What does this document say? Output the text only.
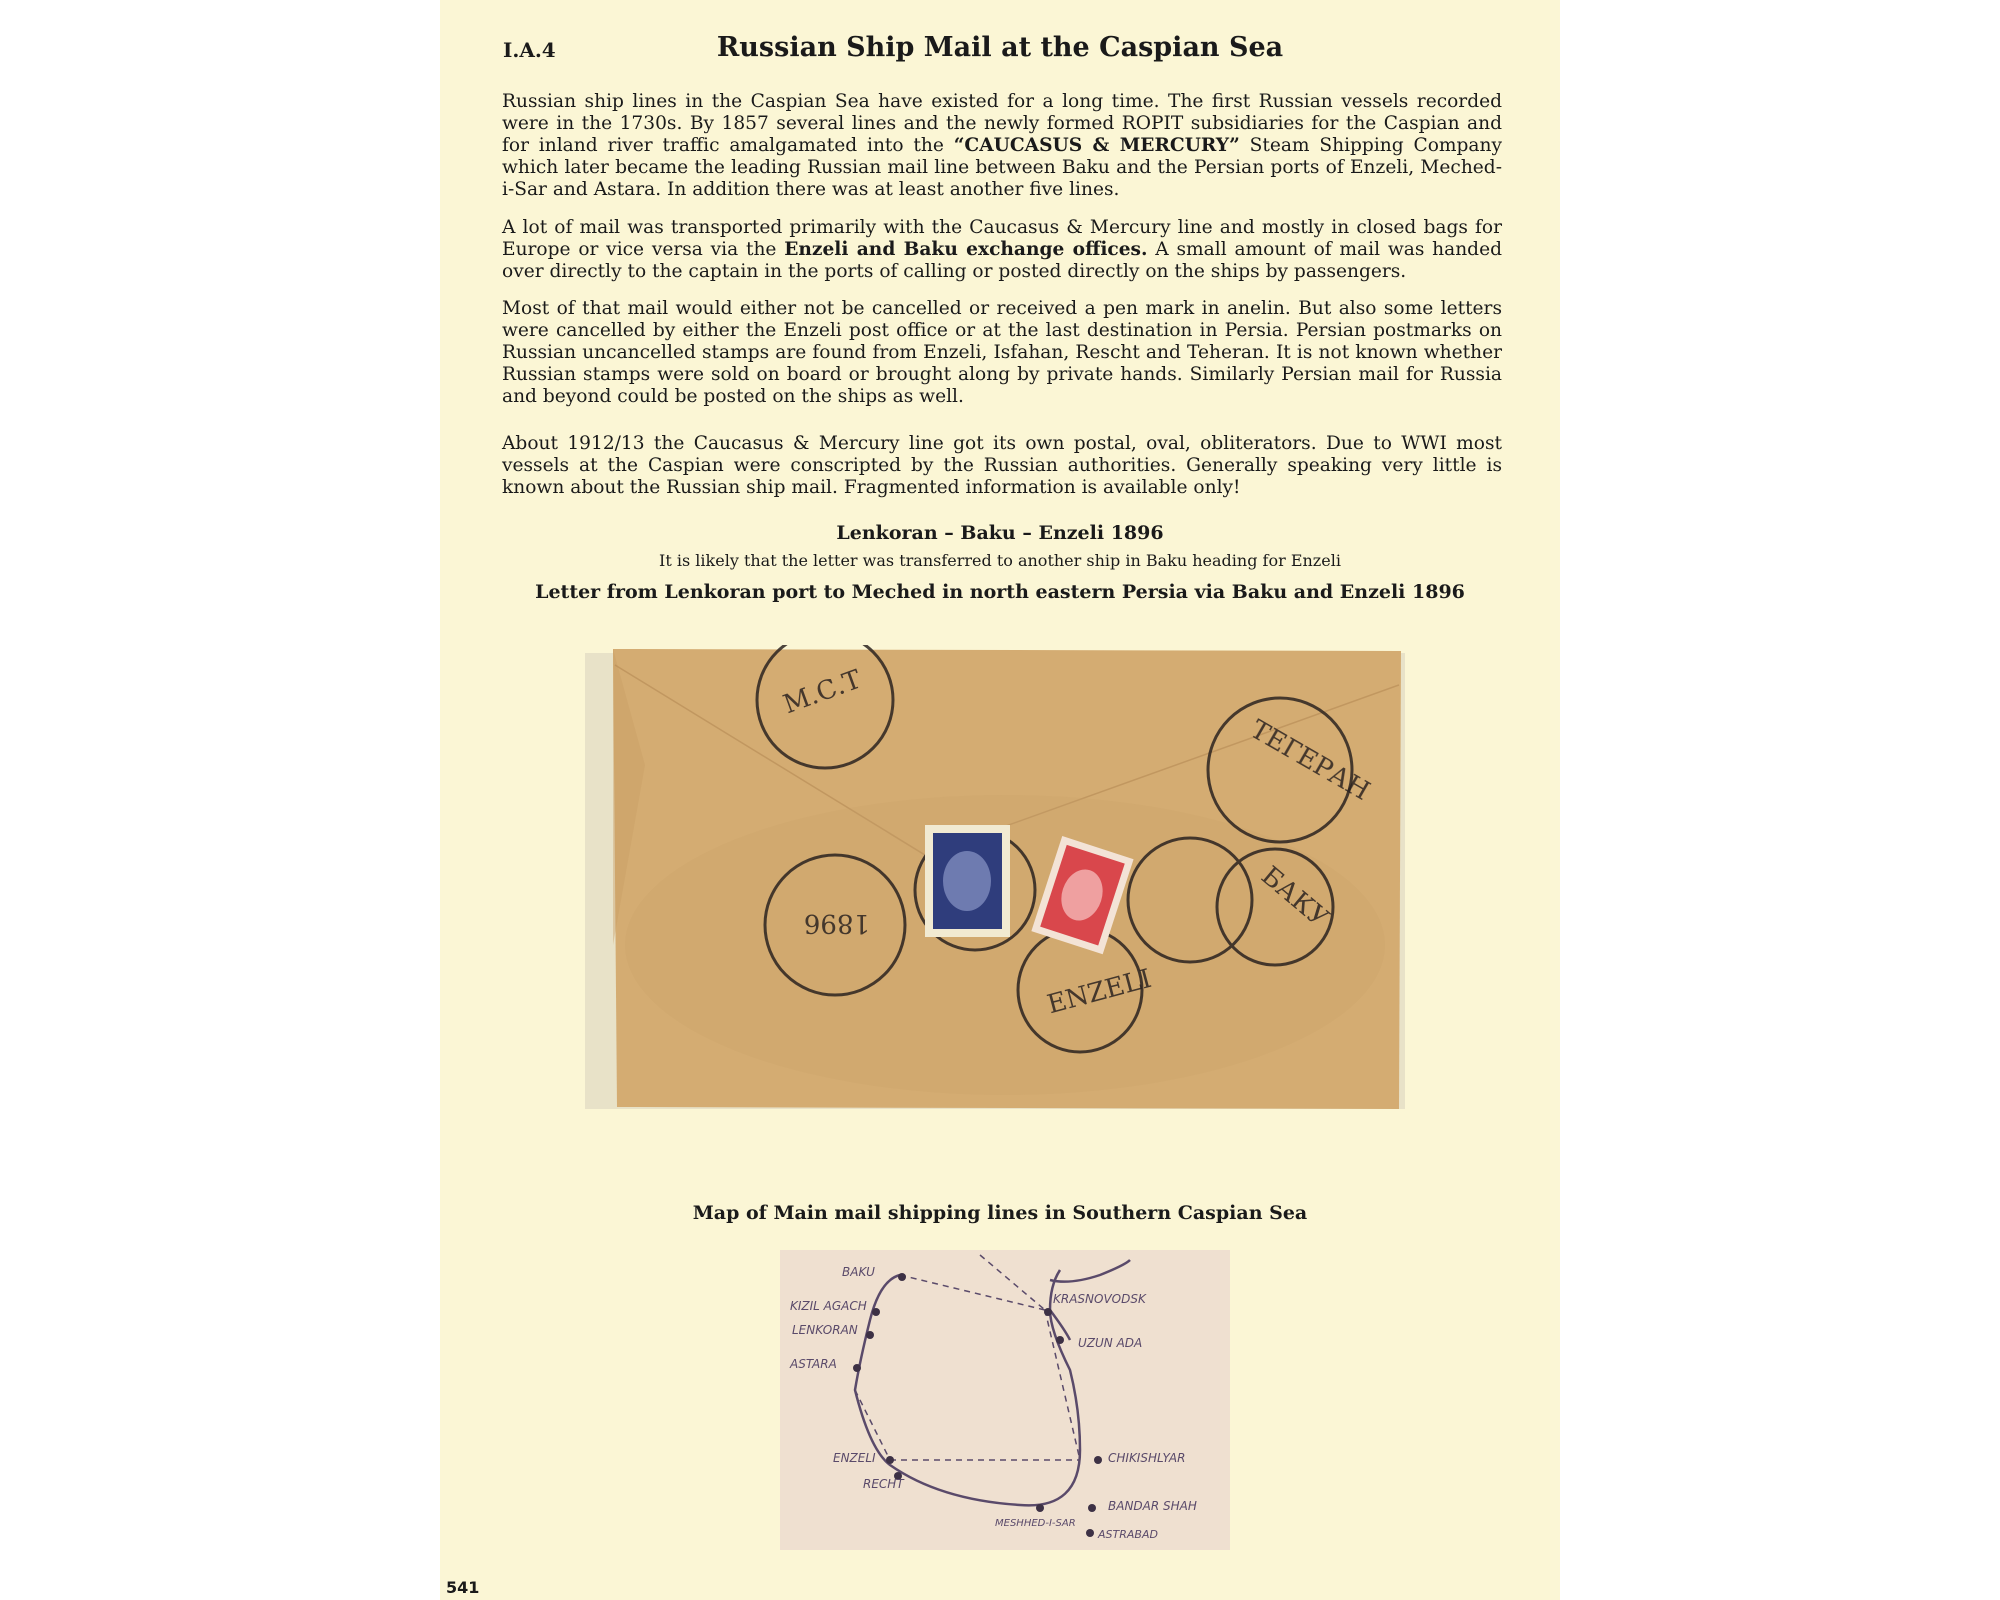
I.A.4	Russian Ship Mail at the Caspian Sea

Russian ship lines in the Caspian Sea have existed for a long time. The first Russian vessels recorded were in the 1730s. By 1857 several lines and the newly formed ROPIT subsidiaries for the Caspian and for inland river traffic amalgamated into the “CAUCASUS & MERCURY” Steam Shipping Company which later became the leading Russian mail line between Baku and the Persian ports of Enzeli, Meched-i-Sar and Astara. In addition there was at least another five lines.

A lot of mail was transported primarily with the Caucasus & Mercury line and mostly in closed bags for Europe or vice versa via the Enzeli and Baku exchange offices. A small amount of mail was handed over directly to the captain in the ports of calling or posted directly on the ships by passengers.

Most of that mail would either not be cancelled or received a pen mark in anelin. But also some letters were cancelled by either the Enzeli post office or at the last destination in Persia. Persian postmarks on Russian uncancelled stamps are found from Enzeli, Isfahan, Rescht and Teheran. It is not known whether Russian stamps were sold on board or brought along by private hands. Similarly Persian mail for Russia and beyond could be posted on the ships as well.

About 1912/13 the Caucasus & Mercury line got its own postal, oval, obliterators. Due to WWI most vessels at the Caspian were conscripted by the Russian authorities. Generally speaking very little is known about the Russian ship mail. Fragmented information is available only!

Lenkoran – Baku – Enzeli 1896
It is likely that the letter was transferred to another ship in Baku heading for Enzeli
Letter from Lenkoran port to Meched in north eastern Persia via Baku and Enzeli 1896
М.С.Т
ТЕГЕРАН
1896
ENZELI
БАКУ
Map of Main mail shipping lines in Southern Caspian Sea
BAKU
KIZIL AGACH
LENKORAN
ASTARA
ENZELI
RECHT
MESHHED-I-SAR
KRASNOVODSK
UZUN ADA
CHIKISHLYAR
BANDAR SHAH
ASTRABAD
541
